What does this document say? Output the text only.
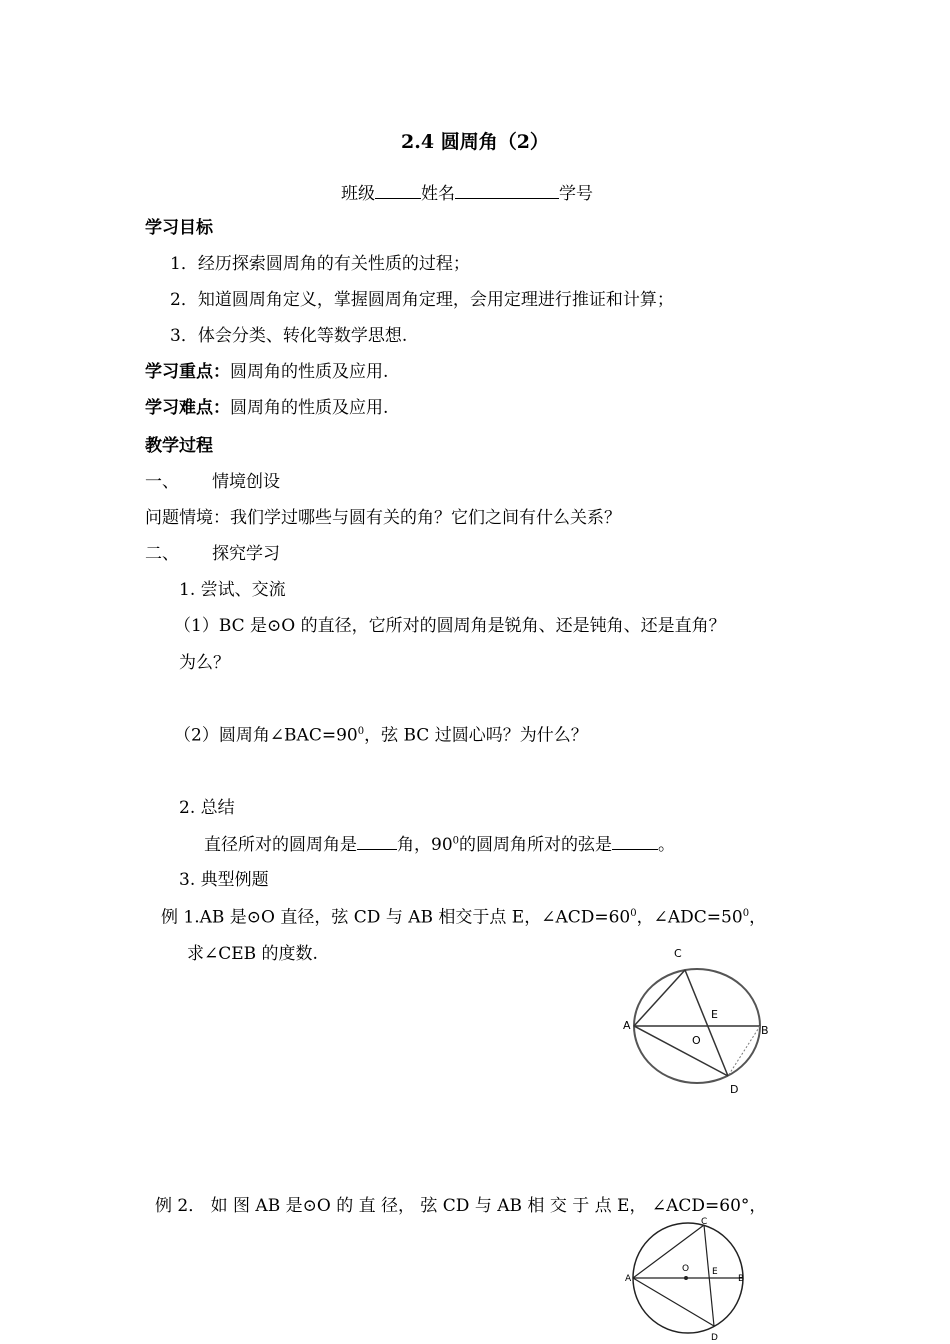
2.4 圆周角（2）
班级	姓名	学号
学习目标
1．经历探索圆周角的有关性质的过程；
2．知道圆周角定义，掌握圆周角定理，会用定理进行推证和计算；
3．体会分类、转化等数学思想.
学习重点：圆周角的性质及应用.
学习难点：圆周角的性质及应用.
教学过程
一、 情境创设
问题情境：我们学过哪些与圆有关的角？它们之间有什么关系？
二、 探究学习
1. 尝试、交流
（1）BC 是⊙O 的直径，它所对的圆周角是锐角、还是钝角、还是直角？
为么？
（2）圆周角$\angle BAC=90^0$，弦 BC 过圆心吗？为什么？
2. 总结
直径所对的圆周角是 角，$90^0$的圆周角所对的弦是	。
3. 典型例题
例 1.AB 是⊙O 直径，弦 CD 与 AB 相交于点 E，$\angle ACD=60^0$，$\angle ADC=50^0$，
求∠CEB 的度数.	C
A	B
E
O
D
例 2． 如 图 AB 是⊙O 的 直 径， 弦 CD 与 AB 相 交 于 点 E， ∠ACD=60°，
C
A	B
O	E
D
